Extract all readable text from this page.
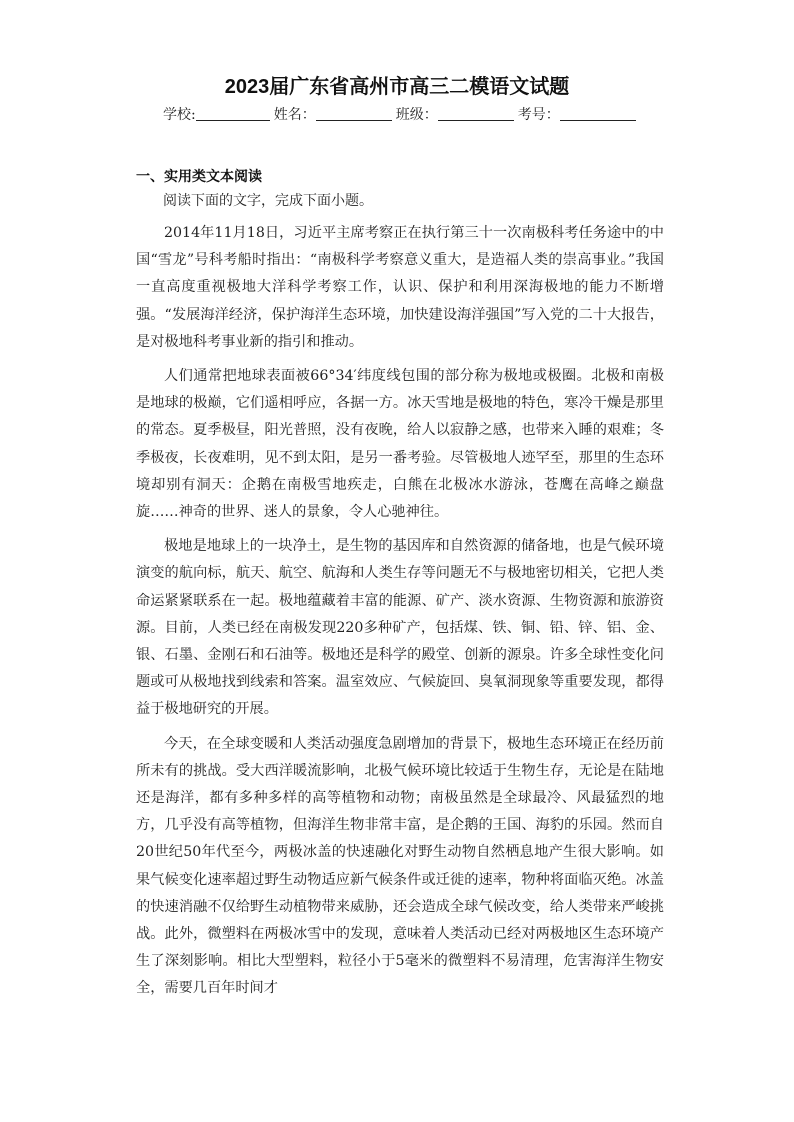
2023届广东省高州市高三二模语文试题
学校:	姓名：	班级：	考号：
一、实用类文本阅读
阅读下面的文字，完成下面小题。

2014年11月18日，习近平主席考察正在执行第三十一次南极科考任务途中的中国“雪龙”号科考船时指出：“南极科学考察意义重大，是造福人类的崇高事业。”我国一直高度重视极地大洋科学考察工作，认识、保护和利用深海极地的能力不断增强。“发展海洋经济，保护海洋生态环境，加快建设海洋强国”写入党的二十大报告，是对极地科考事业新的指引和推动。

人们通常把地球表面被66°34′纬度线包围的部分称为极地或极圈。北极和南极是地球的极巅，它们遥相呼应，各据一方。冰天雪地是极地的特色，寒冷干燥是那里的常态。夏季极昼，阳光普照，没有夜晚，给人以寂静之感，也带来入睡的艰难；冬季极夜，长夜难明，见不到太阳，是另一番考验。尽管极地人迹罕至，那里的生态环境却别有洞天：企鹅在南极雪地疾走，白熊在北极冰水游泳，苍鹰在高峰之巅盘旋……神奇的世界、迷人的景象，令人心驰神往。

极地是地球上的一块净土，是生物的基因库和自然资源的储备地，也是气候环境演变的航向标，航天、航空、航海和人类生存等问题无不与极地密切相关，它把人类命运紧紧联系在一起。极地蕴藏着丰富的能源、矿产、淡水资源、生物资源和旅游资源。目前，人类已经在南极发现220多种矿产，包括煤、铁、铜、铅、锌、铝、金、银、石墨、金刚石和石油等。极地还是科学的殿堂、创新的源泉。许多全球性变化问题或可从极地找到线索和答案。温室效应、气候旋回、臭氧洞现象等重要发现，都得益于极地研究的开展。

今天，在全球变暖和人类活动强度急剧增加的背景下，极地生态环境正在经历前所未有的挑战。受大西洋暖流影响，北极气候环境比较适于生物生存，无论是在陆地还是海洋，都有多种多样的高等植物和动物；南极虽然是全球最冷、风最猛烈的地方，几乎没有高等植物，但海洋生物非常丰富，是企鹅的王国、海豹的乐园。然而自20世纪50年代至今，两极冰盖的快速融化对野生动物自然栖息地产生很大影响。如果气候变化速率超过野生动物适应新气候条件或迁徙的速率，物种将面临灭绝。冰盖的快速消融不仅给野生动植物带来威胁，还会造成全球气候改变，给人类带来严峻挑战。此外，微塑料在两极冰雪中的发现，意味着人类活动已经对两极地区生态环境产生了深刻影响。相比大型塑料，粒径小于5毫米的微塑料不易清理，危害海洋生物安全，需要几百年时间才
